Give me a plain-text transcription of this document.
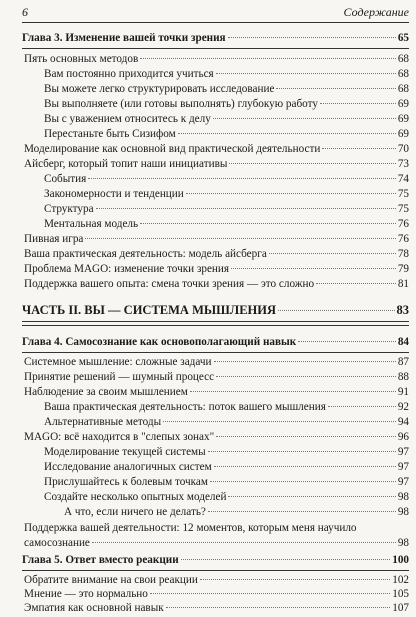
6	Содержание
Глава 3. Изменение вашей точки зрения	65
Пять основных методов	68
Вам постоянно приходится учиться	68
Вы можете легко структурировать исследование	68
Вы выполняете (или готовы выполнять) глубокую работу	69
Вы с уважением относитесь к делу	69
Перестаньте быть Сизифом	69
Моделирование как основной вид практической деятельности	70
Айсберг, который топит наши инициативы	73
События	74
Закономерности и тенденции	75
Структура	75
Ментальная модель	76
Пивная игра	76
Ваша практическая деятельность: модель айсберга	78
Проблема MAGO: изменение точки зрения	79
Поддержка вашего опыта: смена точки зрения — это сложно	81
ЧАСТЬ II. ВЫ — СИСТЕМА МЫШЛЕНИЯ	83
Глава 4. Самосознание как основополагающий навык	84
Системное мышление: сложные задачи	87
Принятие решений — шумный процесс	88
Наблюдение за своим мышлением	91
Ваша практическая деятельность: поток вашего мышления	92
Альтернативные методы	94
MAGO: всё находится в "слепых зонах"	96
Моделирование текущей системы	97
Исследование аналогичных систем	97
Прислушайтесь к болевым точкам	97
Создайте несколько опытных моделей	98
А что, если ничего не делать?	98
Поддержка вашей деятельности: 12 моментов, которым меня научило
самосознание	98
Глава 5. Ответ вместо реакции	100
Обратите внимание на свои реакции	102
Мнение — это нормально	105
Эмпатия как основной навык	107
